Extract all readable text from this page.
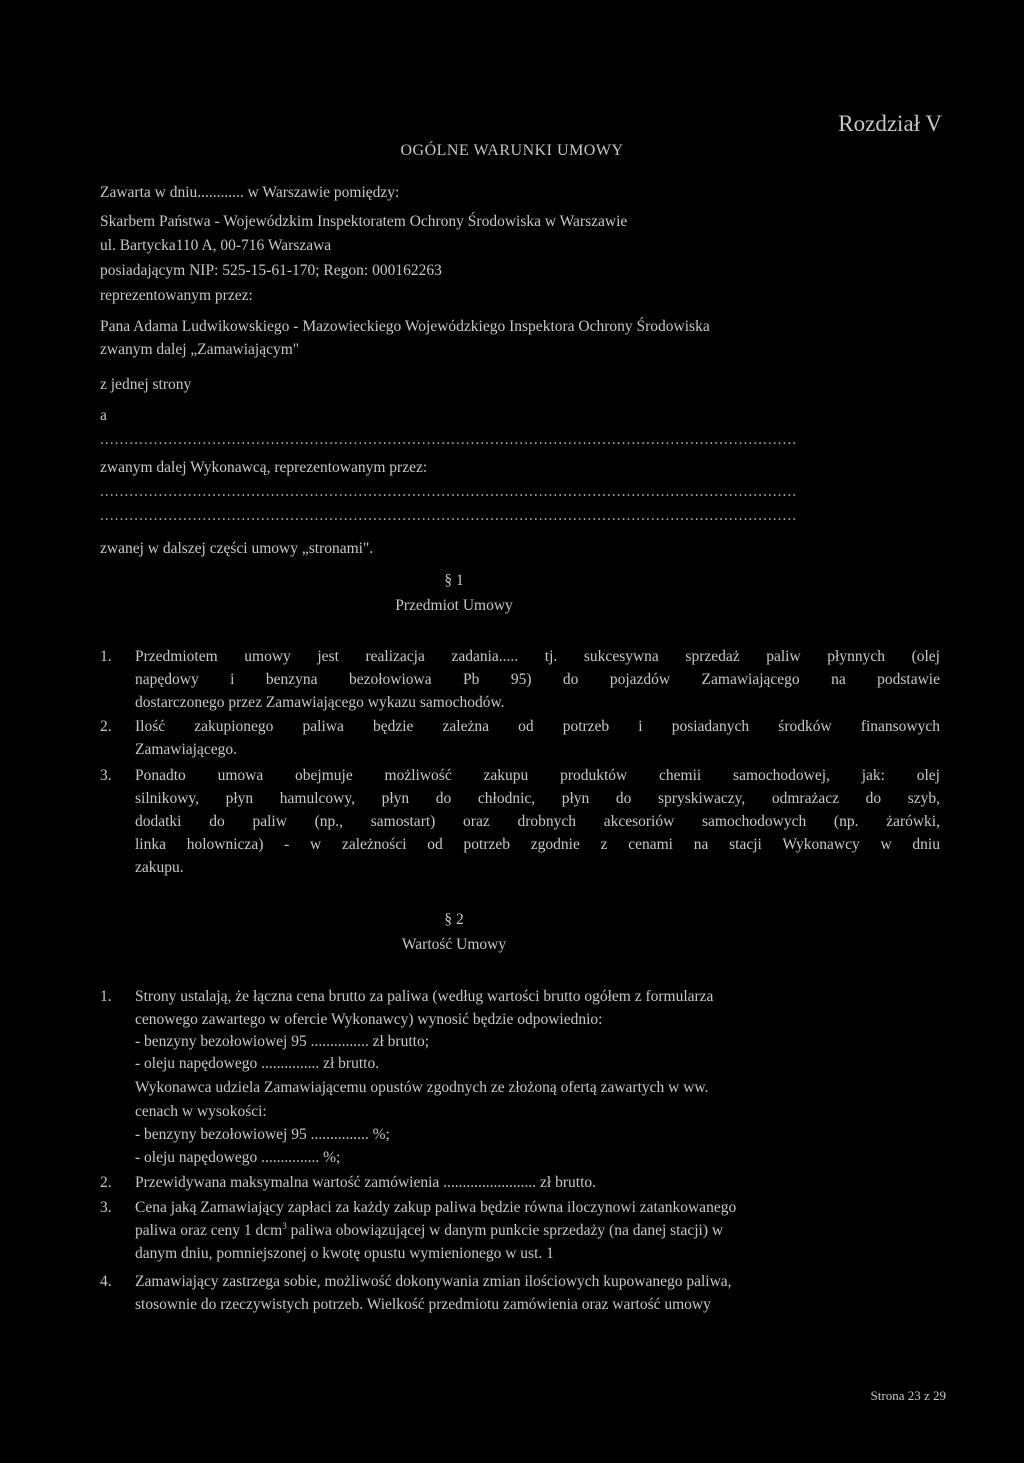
Rozdział V
OGÓLNE WARUNKI UMOWY
Zawarta w dniu............ w Warszawie pomiędzy:
Skarbem Państwa - Wojewódzkim Inspektoratem Ochrony Środowiska w Warszawie
ul. Bartycka110 A, 00-716 Warszawa
posiadającym NIP: 525-15-61-170; Regon: 000162263
reprezentowanym przez:
Pana Adama Ludwikowskiego - Mazowieckiego Wojewódzkiego Inspektora Ochrony Środowiska
zwanym dalej „Zamawiającym"
z jednej strony
a
...............................................................................................................................................
zwanym dalej Wykonawcą, reprezentowanym przez:
...............................................................................................................................................
...............................................................................................................................................
zwanej w dalszej części umowy „stronami".
§ 1
Przedmiot Umowy
1. Przedmiotem umowy jest realizacja zadania..... tj. sukcesywna sprzedaż paliw płynnych (olej
napędowy i benzyna bezołowiowa Pb 95) do pojazdów Zamawiającego na podstawie
dostarczonego przez Zamawiającego wykazu samochodów.
2. Ilość zakupionego paliwa będzie zależna od potrzeb i posiadanych środków finansowych
Zamawiającego.
3. Ponadto umowa obejmuje możliwość zakupu produktów chemii samochodowej, jak: olej
silnikowy, płyn hamulcowy, płyn do chłodnic, płyn do spryskiwaczy, odmrażacz do szyb,
dodatki do paliw (np., samostart) oraz drobnych akcesoriów samochodowych (np. żarówki,
linka holownicza) - w zależności od potrzeb zgodnie z cenami na stacji Wykonawcy w dniu
zakupu.
§ 2
Wartość Umowy
1. Strony ustalają, że łączna cena brutto za paliwa (według wartości brutto ogółem z formularza
cenowego zawartego w ofercie Wykonawcy) wynosić będzie odpowiednio:
- benzyny bezołowiowej 95 ............... zł brutto;
- oleju napędowego ............... zł brutto.
Wykonawca udziela Zamawiającemu opustów zgodnych ze złożoną ofertą zawartych w ww.
cenach w wysokości:
- benzyny bezołowiowej 95 ............... %;
- oleju napędowego ............... %;
2. Przewidywana maksymalna wartość zamówienia ........................ zł brutto.
3. Cena jaką Zamawiający zapłaci za każdy zakup paliwa będzie równa iloczynowi zatankowanego
paliwa oraz ceny 1 dcm$^3$ paliwa obowiązującej w danym punkcie sprzedaży (na danej stacji) w
danym dniu, pomniejszonej o kwotę opustu wymienionego w ust. 1
4. Zamawiający zastrzega sobie, możliwość dokonywania zmian ilościowych kupowanego paliwa,
stosownie do rzeczywistych potrzeb. Wielkość przedmiotu zamówienia oraz wartość umowy
Strona 23 z 29
